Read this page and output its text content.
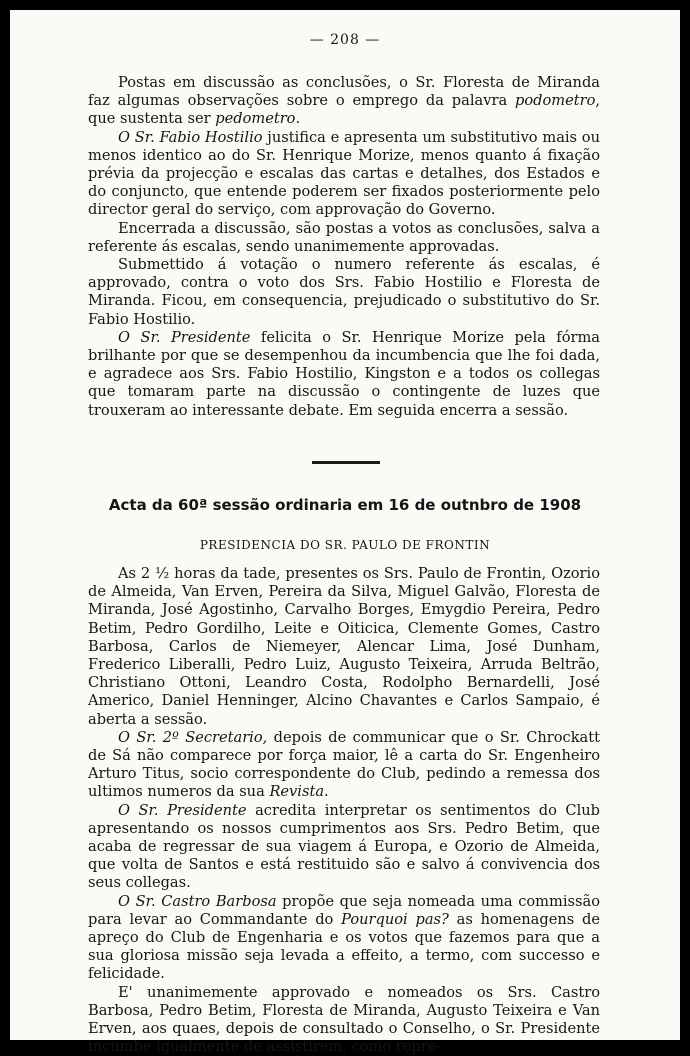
— 208 —

Postas em discussão as conclusões, o Sr. Floresta de Miranda faz algumas observações sobre o emprego da palavra podometro, que sustenta ser pedometro.

O Sr. Fabio Hostilio justifica e apresenta um substitutivo mais ou menos identico ao do Sr. Henrique Morize, menos quanto á fixação prévia da projecção e escalas das cartas e detalhes, dos Estados e do conjuncto, que entende poderem ser fixados posteriormente pelo director geral do serviço, com approvação do Governo.

Encerrada a discussão, são postas a votos as conclusões, salva a referente ás escalas, sendo unanimemente approvadas.

Submettido á votação o numero referente ás escalas, é approvado, contra o voto dos Srs. Fabio Hostilio e Floresta de Miranda. Ficou, em consequencia, prejudicado o substitutivo do Sr. Fabio Hostilio.

O Sr. Presidente felicita o Sr. Henrique Morize pela fórma brilhante por que se desempenhou da incumbencia que lhe foi dada, e agradece aos Srs. Fabio Hostilio, Kingston e a todos os collegas que tomaram parte na discussão o contingente de luzes que trouxeram ao interessante debate. Em seguida encerra a sessão.

Acta da 60ª sessão ordinaria em 16 de outnbro de 1908
PRESIDENCIA DO SR. PAULO DE FRONTIN

As 2 ½ horas da tade, presentes os Srs. Paulo de Frontin, Ozorio de Almeida, Van Erven, Pereira da Silva, Miguel Galvão, Floresta de Miranda, José Agostinho, Carvalho Borges, Emygdio Pereira, Pedro Betim, Pedro Gordilho, Leite e Oiticica, Clemente Gomes, Castro Barbosa, Carlos de Niemeyer, Alencar Lima, José Dunham, Frederico Liberalli, Pedro Luiz, Augusto Teixeira, Arruda Beltrão, Christiano Ottoni, Leandro Costa, Rodolpho Bernardelli, José Americo, Daniel Henninger, Alcino Chavantes e Carlos Sampaio, é aberta a sessão.

O Sr. 2º Secretario, depois de communicar que o Sr. Chrockatt de Sá não comparece por força maior, lê a carta do Sr. Engenheiro Arturo Titus, socio correspondente do Club, pedindo a remessa dos ultimos numeros da sua Revista.

O Sr. Presidente acredita interpretar os sentimentos do Club apresentando os nossos cumprimentos aos Srs. Pedro Betim, que acaba de regressar de sua viagem á Europa, e Ozorio de Almeida, que volta de Santos e está restituido são e salvo á convivencia dos seus collegas.

O Sr. Castro Barbosa propõe que seja nomeada uma commissão para levar ao Commandante do Pourquoi pas? as homenagens de apreço do Club de Engenharia e os votos que fazemos para que a sua gloriosa missão seja levada a effeito, a termo, com successo e felicidade.

E' unanimemente approvado e nomeados os Srs. Castro Barbosa, Pedro Betim, Floresta de Miranda, Augusto Teixeira e Van Erven, aos quaes, depois de consultado o Conselho, o Sr. Presidente incumbe igualmente de assistirem, como repre-
